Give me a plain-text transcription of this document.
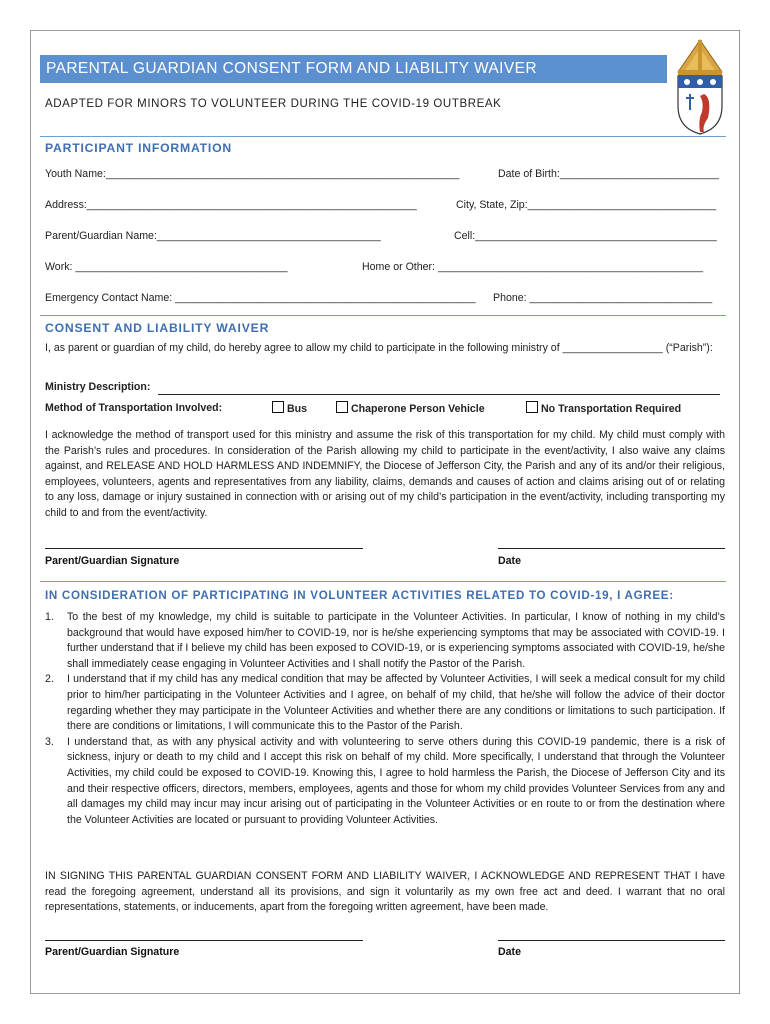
PARENTAL GUARDIAN CONSENT FORM AND LIABILITY WAIVER
ADAPTED FOR MINORS TO VOLUNTEER DURING THE COVID-19 OUTBREAK
PARTICIPANT INFORMATION
Youth Name:____________________________________________________________	Date of Birth:___________________________
Address:________________________________________________________	City, State, Zip:________________________________
Parent/Guardian Name:______________________________________	Cell:_________________________________________
Work: ____________________________________	Home or Other: _____________________________________________
Emergency Contact Name: ___________________________________________________ Phone: _______________________________
CONSENT AND LIABILITY WAIVER
I, as parent or guardian of my child, do hereby agree to allow my child to participate in the following ministry of _________________ (“Parish”):
Ministry Description:
Method of Transportation Involved:	Bus	Chaperone Person Vehicle	No Transportation Required
I acknowledge the method of transport used for this ministry and assume the risk of this transportation for my child. My child must comply with the Parish’s rules and procedures. In consideration of the Parish allowing my child to participate in the event/activity, I also waive any claims against, and RELEASE AND HOLD HARMLESS AND INDEMNIFY, the Diocese of Jefferson City, the Parish and any of its and/or their religious, employees, volunteers, agents and representatives from any liability, claims, demands and causes of action and claims arising out of or relating to any loss, damage or injury sustained in connection with or arising out of my child’s participation in the event/activity, including transporting my child to and from the event/activity.
Parent/Guardian Signature	Date
IN CONSIDERATION OF PARTICIPATING IN VOLUNTEER ACTIVITIES RELATED TO COVID-19, I AGREE:
1. To the best of my knowledge, my child is suitable to participate in the Volunteer Activities. In particular, I know of nothing in my child’s background that would have exposed him/her to COVID-19, nor is he/she experiencing symptoms that may be associated with COVID-19. I further understand that if I believe my child has been exposed to COVID-19, or is experiencing symptoms associated with COVID-19, he/she shall immediately cease engaging in Volunteer Activities and I shall notify the Pastor of the Parish.
2. I understand that if my child has any medical condition that may be affected by Volunteer Activities, I will seek a medical consult for my child prior to him/her participating in the Volunteer Activities and I agree, on behalf of my child, that he/she will follow the advice of their doctor regarding whether they may participate in the Volunteer Activities and whether there are any conditions or limitations to such participation. If there are conditions or limitations, I will communicate this to the Pastor of the Parish.
3. I understand that, as with any physical activity and with volunteering to serve others during this COVID-19 pandemic, there is a risk of sickness, injury or death to my child and I accept this risk on behalf of my child. More specifically, I understand that through the Volunteer Activities, my child could be exposed to COVID-19. Knowing this, I agree to hold harmless the Parish, the Diocese of Jefferson City and its and their respective officers, directors, members, employees, agents and those for whom my child provides Volunteer Services from any and all damages my child may incur may incur arising out of participating in the Volunteer Activities or en route to or from the destination where the Volunteer Activities are located or pursuant to providing Volunteer Activities.
IN SIGNING THIS PARENTAL GUARDIAN CONSENT FORM AND LIABILITY WAIVER, I ACKNOWLEDGE AND REPRESENT THAT I have read the foregoing agreement, understand all its provisions, and sign it voluntarily as my own free act and deed. I warrant that no oral representations, statements, or inducements, apart from the foregoing written agreement, have been made.
Parent/Guardian Signature	Date
